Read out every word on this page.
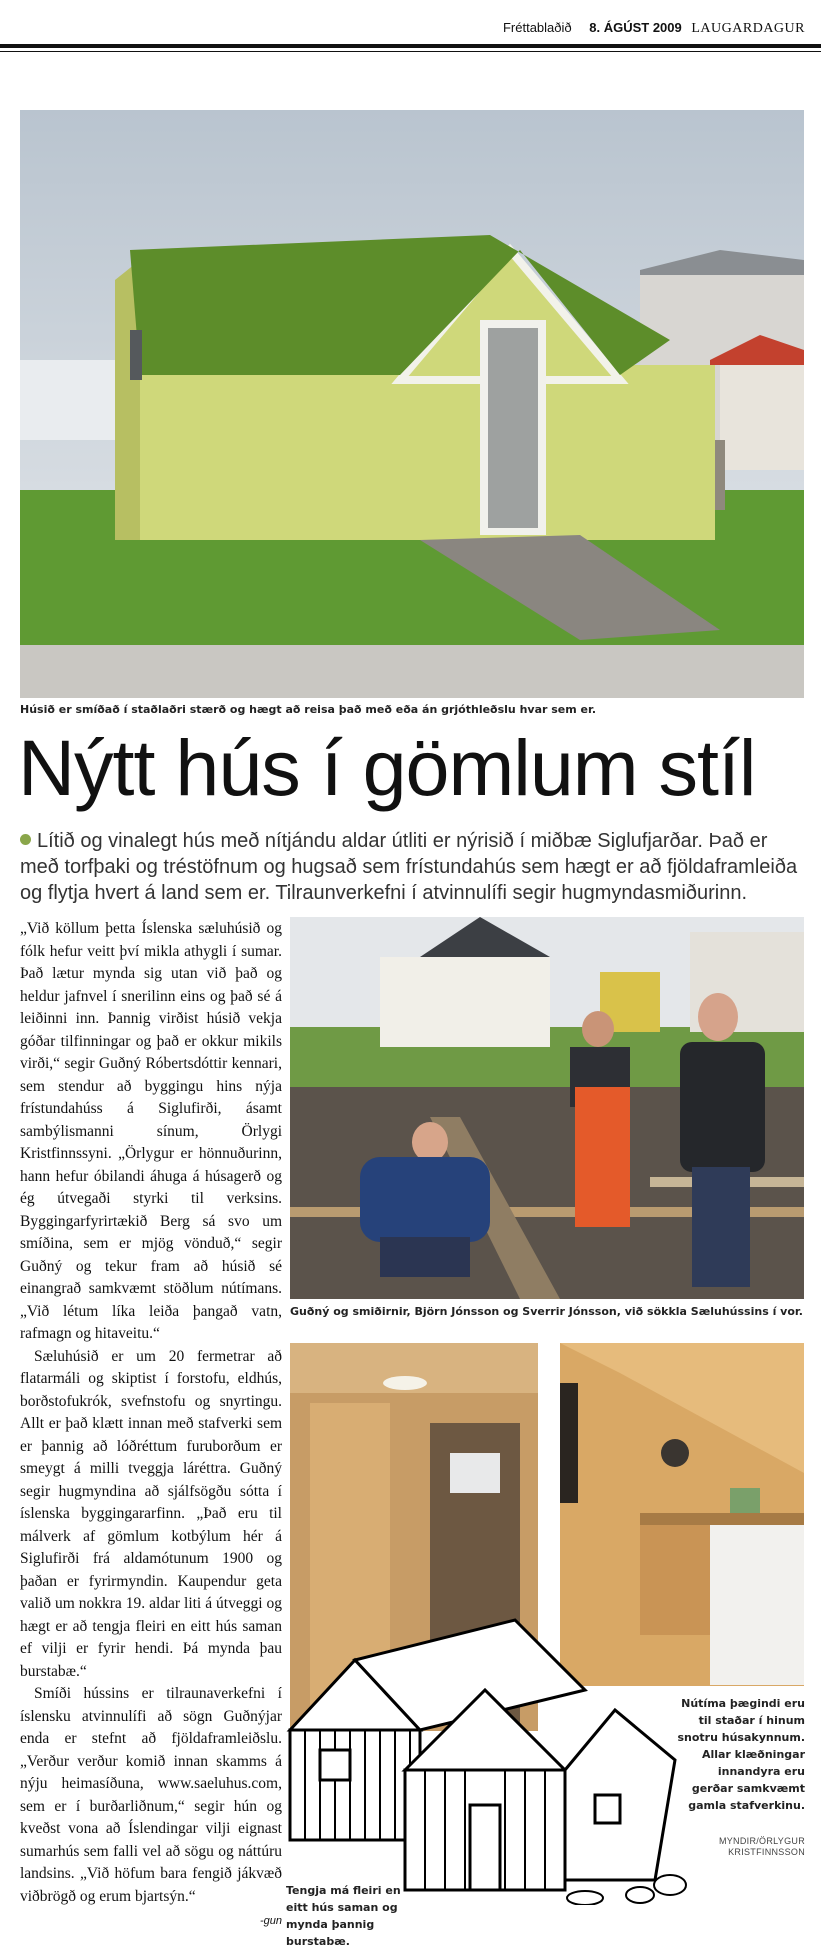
Fréttablaðið 8. ÁGÚST 2009 LAUGARDAGUR
Húsið er smíðað í staðlaðri stærð og hægt að reisa það með eða án grjóthleðslu hvar sem er.
Nýtt hús í gömlum stíl
Lítið og vinalegt hús með nítjándu aldar útliti er nýrisið í miðbæ Siglufjarðar. Það er með torfþaki og tréstöfnum og hugsað sem frístundahús sem hægt er að fjöldaframleiða og flytja hvert á land sem er. Tilraunverkefni í atvinnulífi segir hugmyndasmiðurinn.

„Við köllum þetta Íslenska sæluhúsið og fólk hefur veitt því mikla athygli í sumar. Það lætur mynda sig utan við það og heldur jafnvel í snerilinn eins og það sé á leiðinni inn. Þannig virðist húsið vekja góðar tilfinningar og það er okkur mikils virði,“ segir Guðný Róbertsdóttir kennari, sem stendur að byggingu hins nýja frístundahúss á Siglufirði, ásamt sambýlismanni sínum, Örlygi Kristfinnssyni. „Örlygur er hönnuðurinn, hann hefur óbilandi áhuga á húsagerð og ég útvegaði styrki til verksins. Byggingarfyrirtækið Berg sá svo um smíðina, sem er mjög vönduð,“ segir Guðný og tekur fram að húsið sé einangrað samkvæmt stöðlum nútímans. „Við létum líka leiða þangað vatn, rafmagn og hitaveitu.“

Sæluhúsið er um 20 fermetrar að flatarmáli og skiptist í forstofu, eldhús, borðstofukrók, svefnstofu og snyrtingu. Allt er það klætt innan með stafverki sem er þannig að lóðréttum furuborðum er smeygt á milli tveggja láréttra. Guðný segir hugmyndina að sjálfsögðu sótta í íslenska byggingararfinn. „Það eru til málverk af gömlum kotbýlum hér á Siglufirði frá aldamótunum 1900 og þaðan er fyrirmyndin. Kaupendur geta valið um nokkra 19. aldar liti á útveggi og hægt er að tengja fleiri en eitt hús saman ef vilji er fyrir hendi. Þá mynda þau burstabæ.“

Smíði hússins er tilraunaverkefni í íslensku atvinnulífi að sögn Guðnýjar enda er stefnt að fjöldaframleiðslu. „Verður verður komið innan skamms á nýju heimasíðuna, www.saeluhus.com, sem er í burðarliðnum,“ segir hún og kveðst vona að Íslendingar vilji eignast sumarhús sem falli vel að sögu og náttúru landsins. „Við höfum bara fengið jákvæð viðbrögð og erum bjartsýn.“

-gun
Guðný og smiðirnir, Björn Jónsson og Sverrir Jónsson, við sökkla Sæluhússins í vor.
Nútíma þægindi eru til staðar í hinum snotru húsakynnum. Allar klæðningar innandyra eru gerðar samkvæmt gamla stafverkinu.
MYNDIR/ÖRLYGUR
KRISTFINNSSON
Tengja má fleiri en eitt hús saman og mynda þannig burstabæ.
